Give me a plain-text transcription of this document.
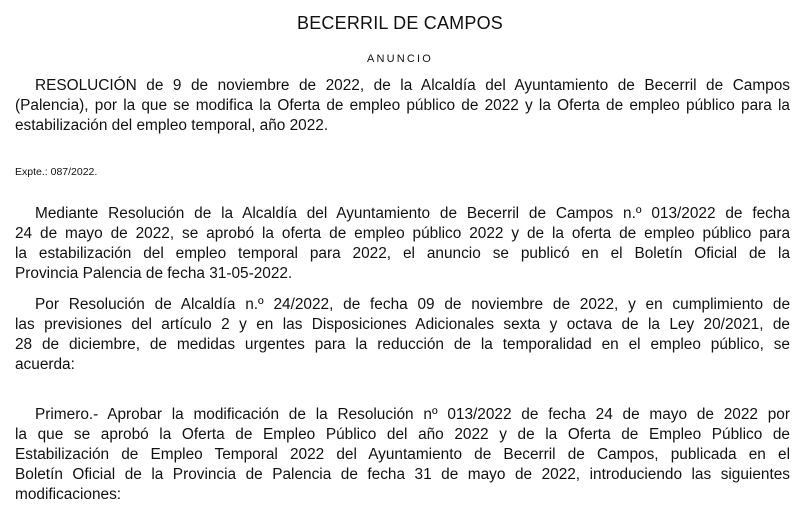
BECERRIL DE CAMPOS
ANUNCIO
RESOLUCIÓN de 9 de noviembre de 2022, de la Alcaldía del Ayuntamiento de Becerril de Campos
(Palencia), por la que se modifica la Oferta de empleo público de 2022 y la Oferta de empleo público para la
estabilización del empleo temporal, año 2022.
Expte.: 087/2022.
Mediante Resolución de la Alcaldía del Ayuntamiento de Becerril de Campos n.º 013/2022 de fecha
24 de mayo de 2022, se aprobó la oferta de empleo público 2022 y de la oferta de empleo público para
la estabilización del empleo temporal para 2022, el anuncio se publicó en el Boletín Oficial de la
Provincia Palencia de fecha 31-05-2022.
Por Resolución de Alcaldía n.º 24/2022, de fecha 09 de noviembre de 2022, y en cumplimiento de
las previsiones del artículo 2 y en las Disposiciones Adicionales sexta y octava de la Ley 20/2021, de
28 de diciembre, de medidas urgentes para la reducción de la temporalidad en el empleo público, se
acuerda:
Primero.- Aprobar la modificación de la Resolución nº 013/2022 de fecha 24 de mayo de 2022 por
la que se aprobó la Oferta de Empleo Público del año 2022 y de la Oferta de Empleo Público de
Estabilización de Empleo Temporal 2022 del Ayuntamiento de Becerril de Campos, publicada en el
Boletín Oficial de la Provincia de Palencia de fecha 31 de mayo de 2022, introduciendo las siguientes
modificaciones:
